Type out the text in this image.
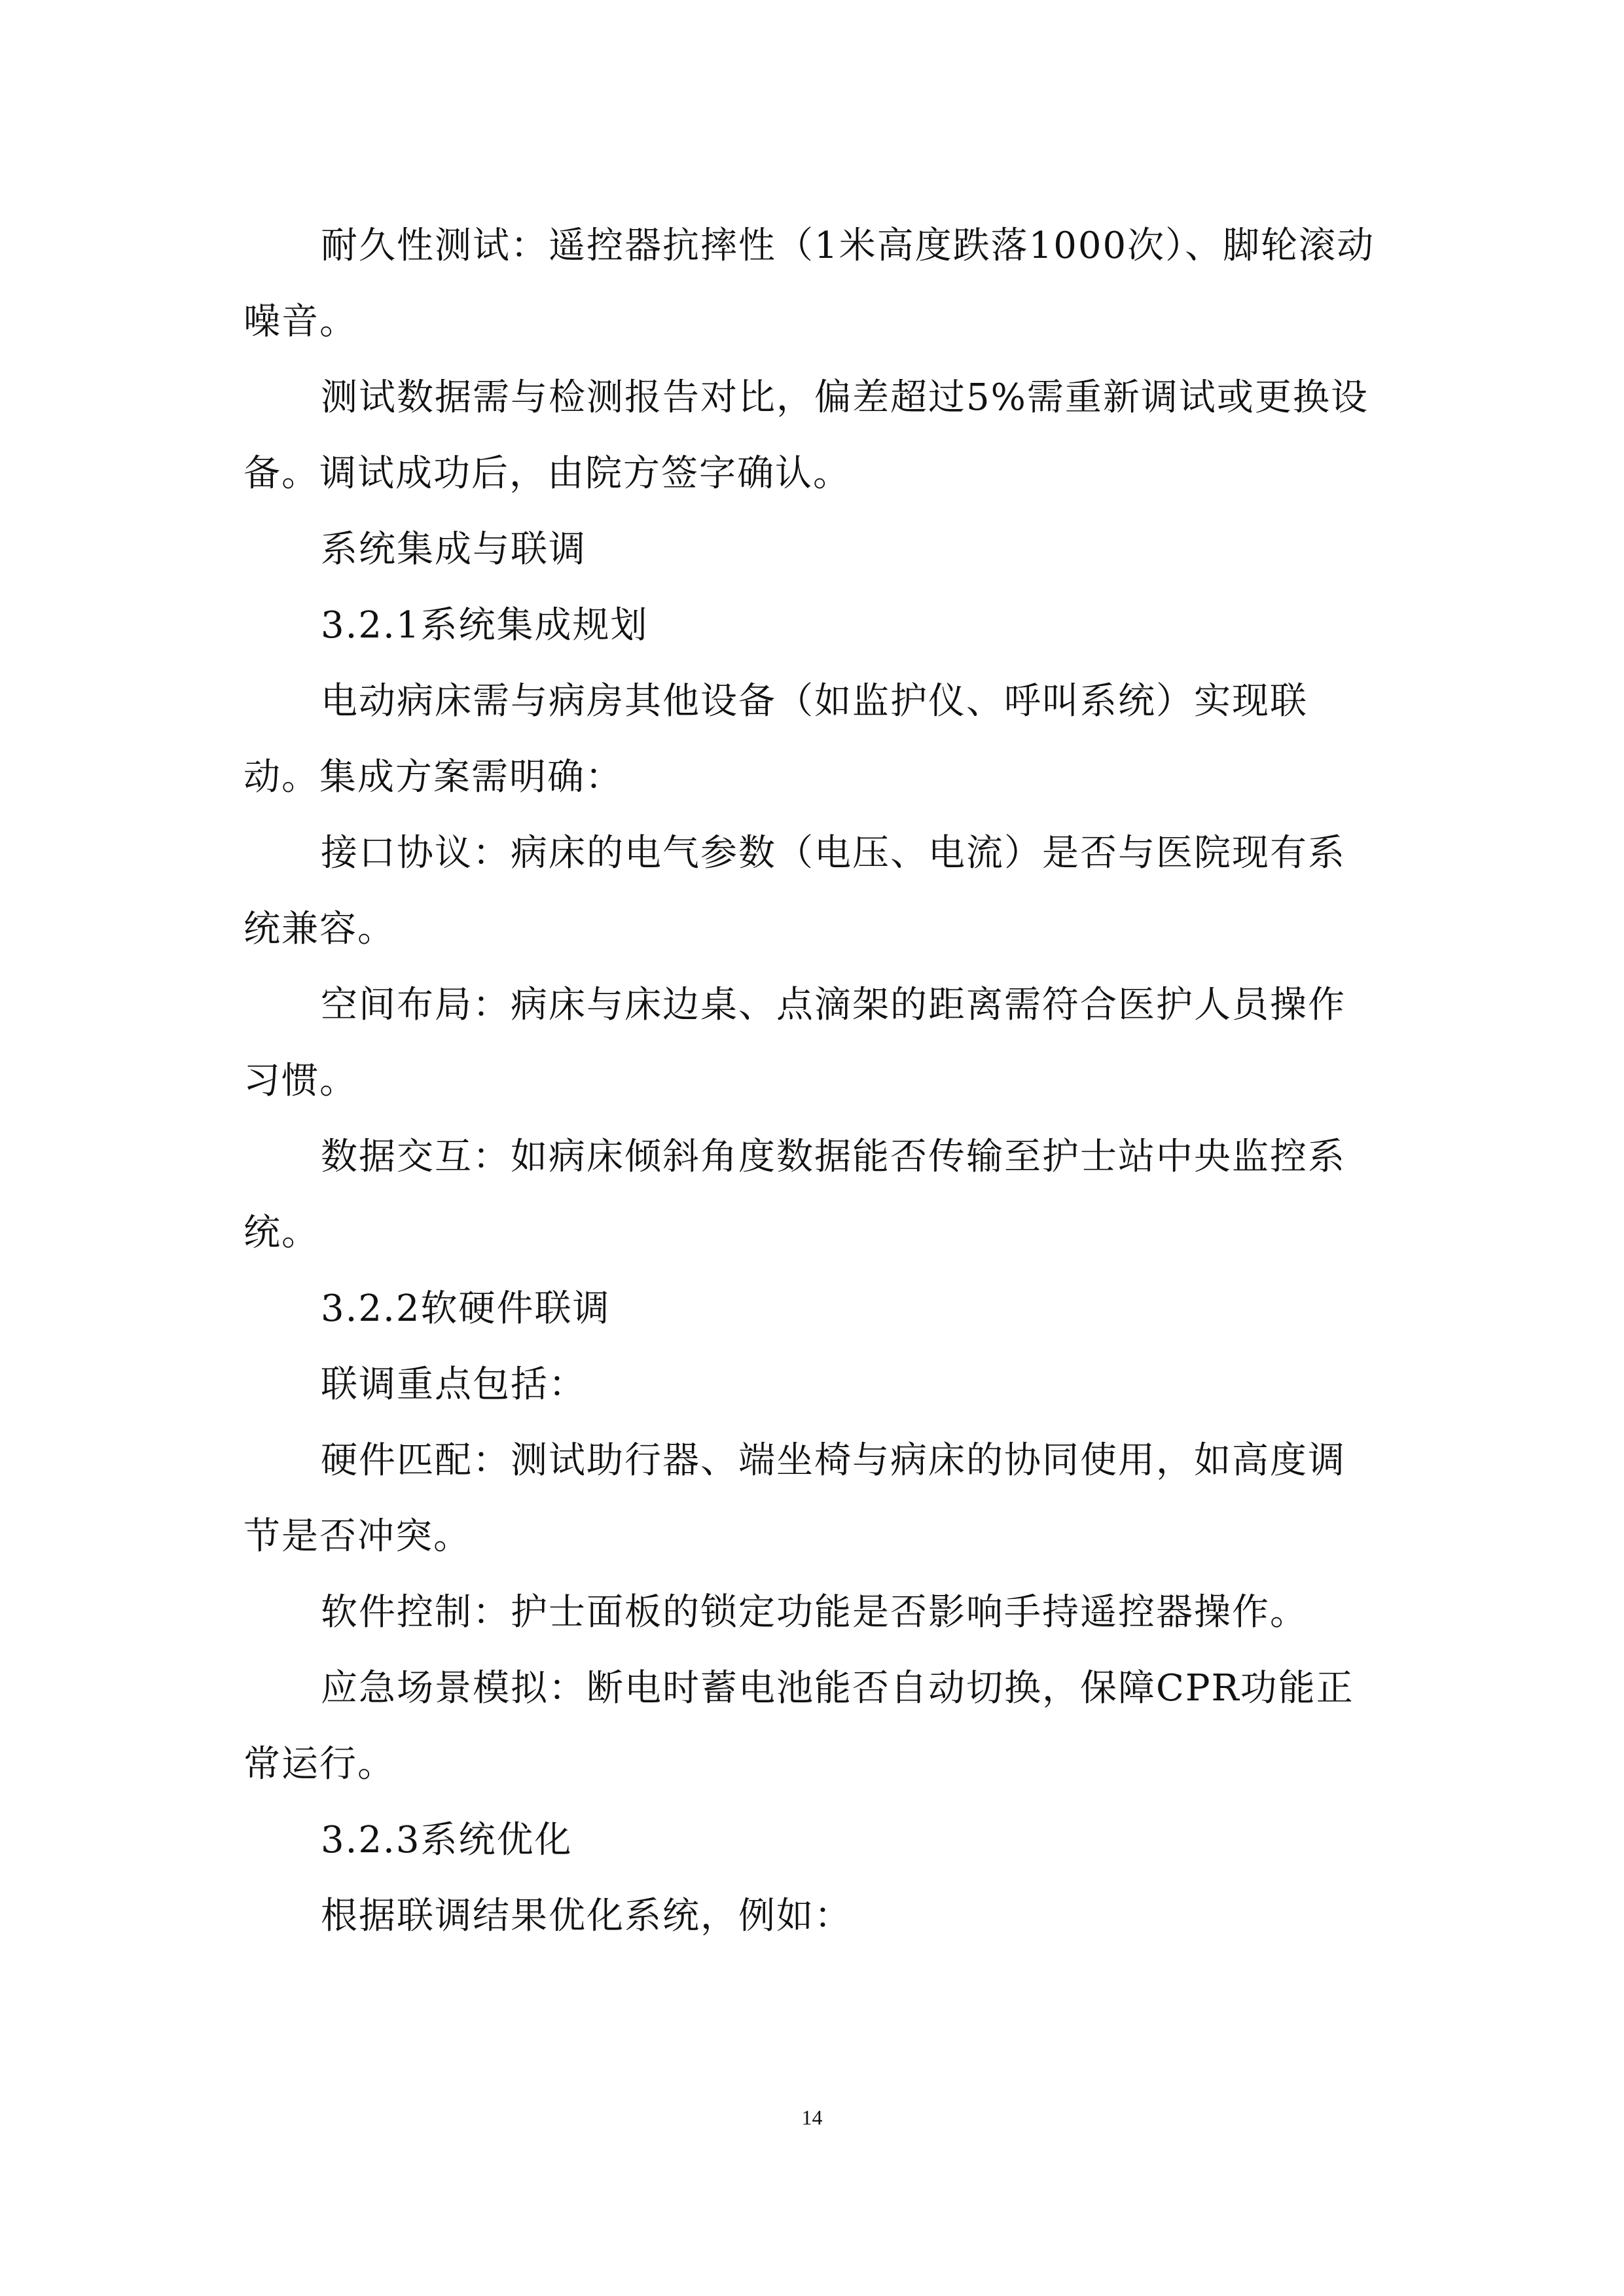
耐久性测试：遥控器抗摔性（1米高度跌落1000次）、脚轮滚动噪音。

测试数据需与检测报告对比，偏差超过5%需重新调试或更换设备。调试成功后，由院方签字确认。

系统集成与联调

3.2.1系统集成规划

电动病床需与病房其他设备（如监护仪、呼叫系统）实现联动。集成方案需明确：

接口协议：病床的电气参数（电压、电流）是否与医院现有系统兼容。

空间布局：病床与床边桌、点滴架的距离需符合医护人员操作习惯。

数据交互：如病床倾斜角度数据能否传输至护士站中央监控系统。

3.2.2软硬件联调

联调重点包括：

硬件匹配：测试助行器、端坐椅与病床的协同使用，如高度调节是否冲突。

软件控制：护士面板的锁定功能是否影响手持遥控器操作。

应急场景模拟：断电时蓄电池能否自动切换，保障CPR功能正常运行。

3.2.3系统优化

根据联调结果优化系统，例如：

14
